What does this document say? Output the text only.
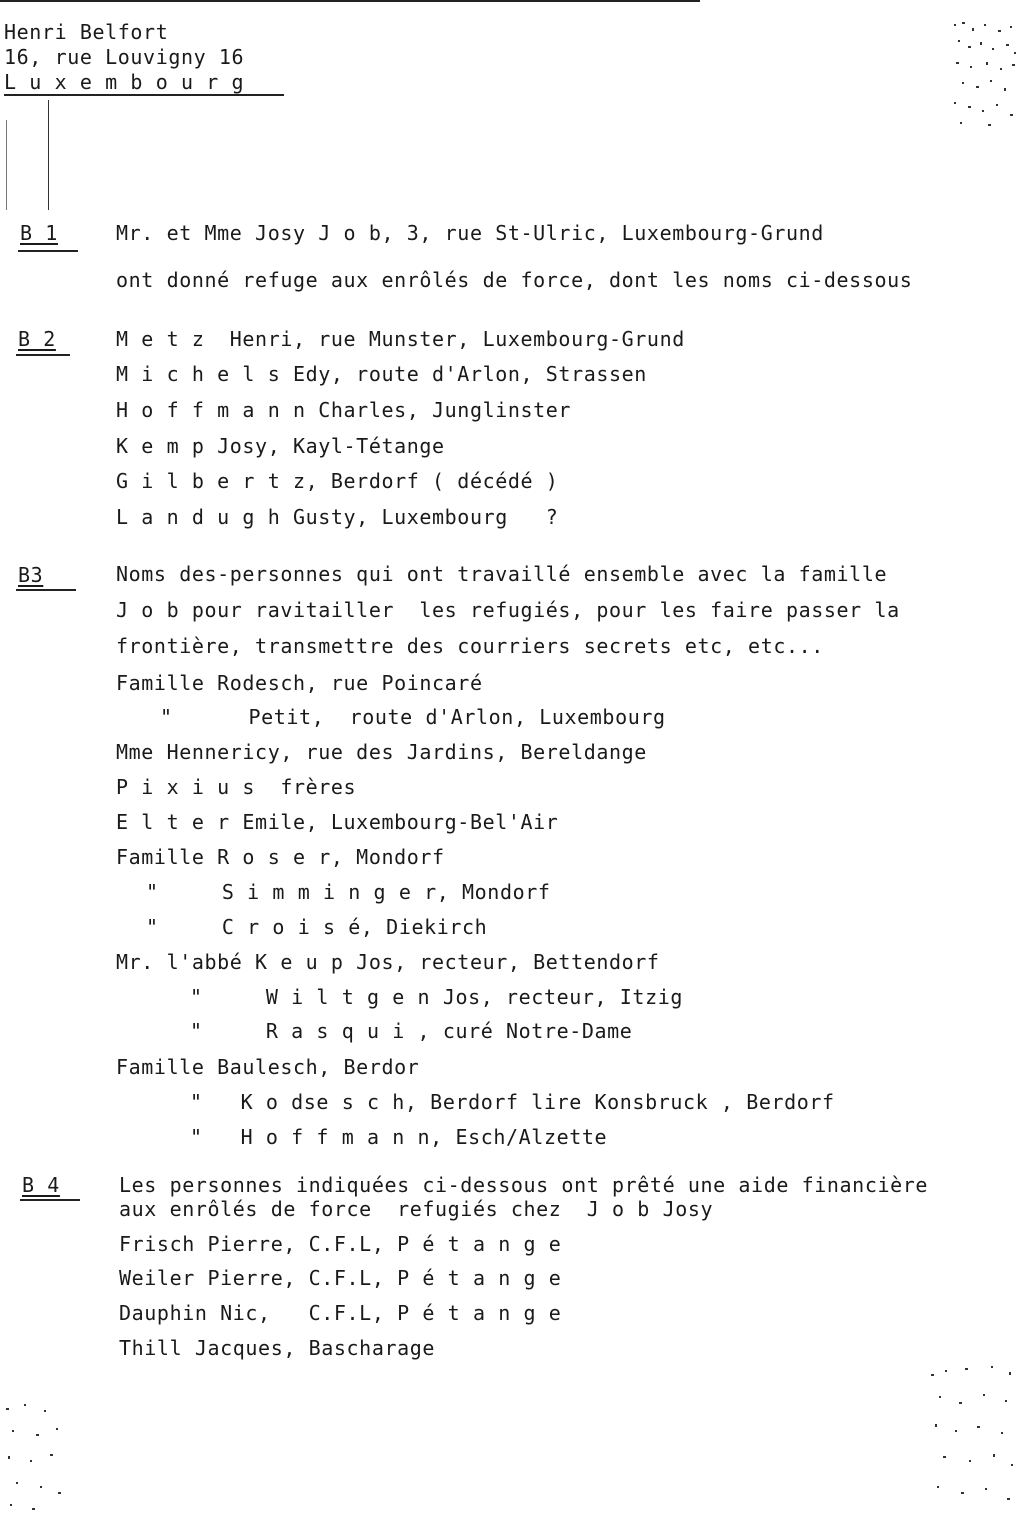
Henri Belfort
16, rue Louvigny 16
L u x e m b o u r g
B 1	Mr. et Mme Josy J o b, 3, rue St-Ulric, Luxembourg-Grund
ont donné refuge aux enrôlés de force, dont les noms ci-dessous
B 2	M e t z  Henri, rue Munster, Luxembourg-Grund
M i c h e l s Edy, route d'Arlon, Strassen
H o f f m a n n Charles, Junglinster
K e m p Josy, Kayl-Tétange
G i l b e r t z, Berdorf ( décédé )
L a n d u g h Gusty, Luxembourg   ?
B3	Noms des-personnes qui ont travaillé ensemble avec la famille
J o b pour ravitailler  les refugiés, pour les faire passer la
frontière, transmettre des courriers secrets etc, etc...
Famille Rodesch, rue Poincaré
"      Petit,  route d'Arlon, Luxembourg
Mme Hennericy, rue des Jardins, Bereldange
P i x i u s  frères
E l t e r Emile, Luxembourg-Bel'Air
Famille R o s e r, Mondorf
"     S i m m i n g e r, Mondorf
"     C r o i s é, Diekirch
Mr. l'abbé K e u p Jos, recteur, Bettendorf
"     W i l t g e n Jos, recteur, Itzig
"     R a s q u i , curé Notre-Dame
Famille Baulesch, Berdor
"   K o dse s c h, Berdorf lire Konsbruck , Berdorf
"   H o f f m a n n, Esch/Alzette
B 4	Les personnes indiquées ci-dessous ont prêté une aide financière
aux enrôlés de force  refugiés chez  J o b Josy
Frisch Pierre, C.F.L, P é t a n g e
Weiler Pierre, C.F.L, P é t a n g e
Dauphin Nic,   C.F.L, P é t a n g e
Thill Jacques, Bascharage
